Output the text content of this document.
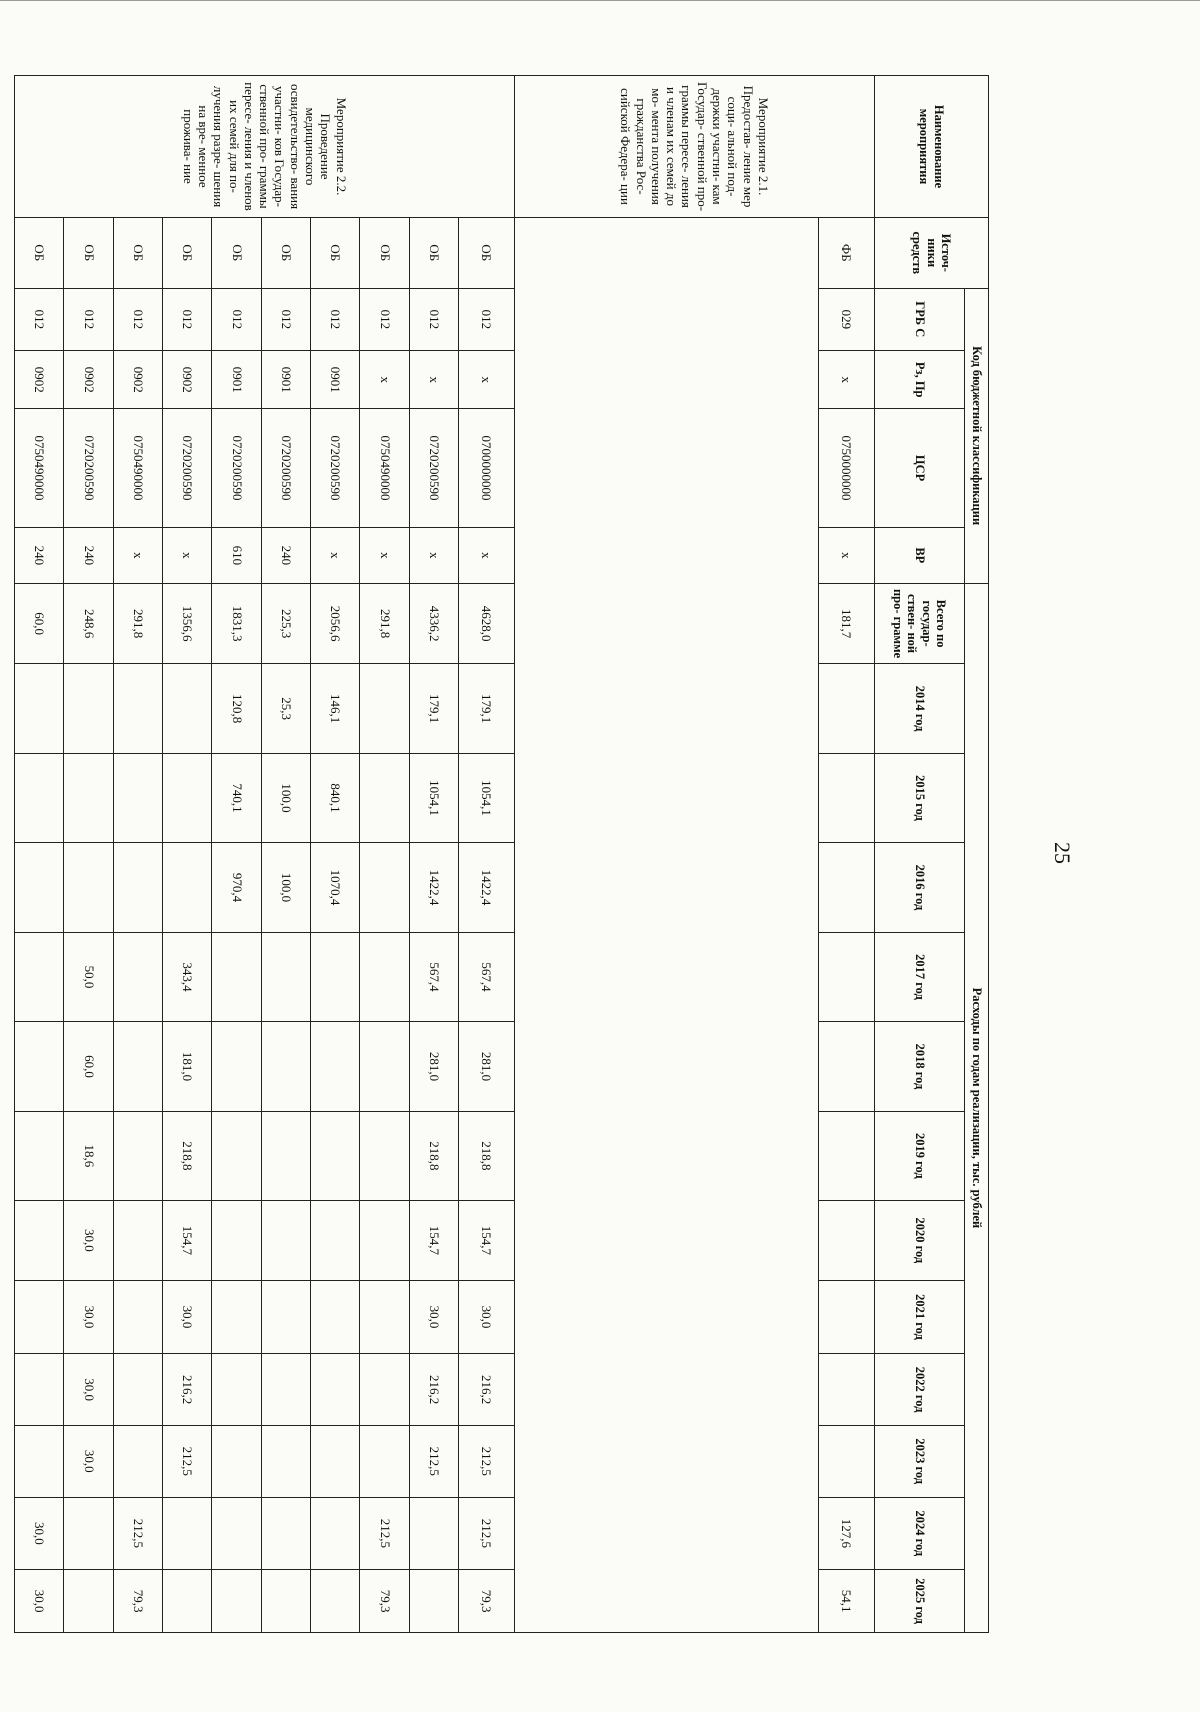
25
Наименование мероприятия	Источ- ники средств	Код бюджетной классификации				Расходы по годам реализации, тыс. рублей												
		ГРБ С	Рз, Пр	ЦСР	ВР	Всего по государ- ствен- ной про- грамме	2014 год	2015 год	2016 год	2017 год	2018 год	2019 год	2020 год	2021 год	2022 год	2023 год	2024 год	2025 год
Мероприятие 2.1. Предостав- ление мер соци- альной под- держки участни- кам Государ- ственной про- граммы пересе- ления и членам их семей до мо- мента получения гражданства Рос- сийской Федера- ции	ФБ	029	x	0750000000	x	181,7											127,6	54,1

Мероприятие 2.2. Проведение медицинского освидетельство- вания участни- ков Государ- ственной про- граммы пересе- ления и членов их семей для по- лучения разре- шения на вре- менное прожива- ние	ОБ	012	x	0700000000	x	4628,0	179,1	1054,1	1422,4	567,4	281,0	218,8	154,7	30,0	216,2	212,5	212,5	79,3
	ОБ	012	x	0720200590	x	4336,2	179,1	1054,1	1422,4	567,4	281,0	218,8	154,7	30,0	216,2	212,5		
	ОБ	012	x	0750490000	x	291,8											212,5	79,3
	ОБ	012	0901	0720200590	x	2056,6	146,1	840,1	1070,4									
	ОБ	012	0901	0720200590	240	225,3	25,3	100,0	100,0									
	ОБ	012	0901	0720200590	610	1831,3	120,8	740,1	970,4									
	ОБ	012	0902	0720200590	x	1356,6				343,4	181,0	218,8	154,7	30,0	216,2	212,5		
	ОБ	012	0902	0750490000	x	291,8											212,5	79,3
	ОБ	012	0902	0720200590	240	248,6				50,0	60,0	18,6	30,0	30,0	30,0	30,0		
	ОБ	012	0902	0750490000	240	60,0											30,0	30,0
